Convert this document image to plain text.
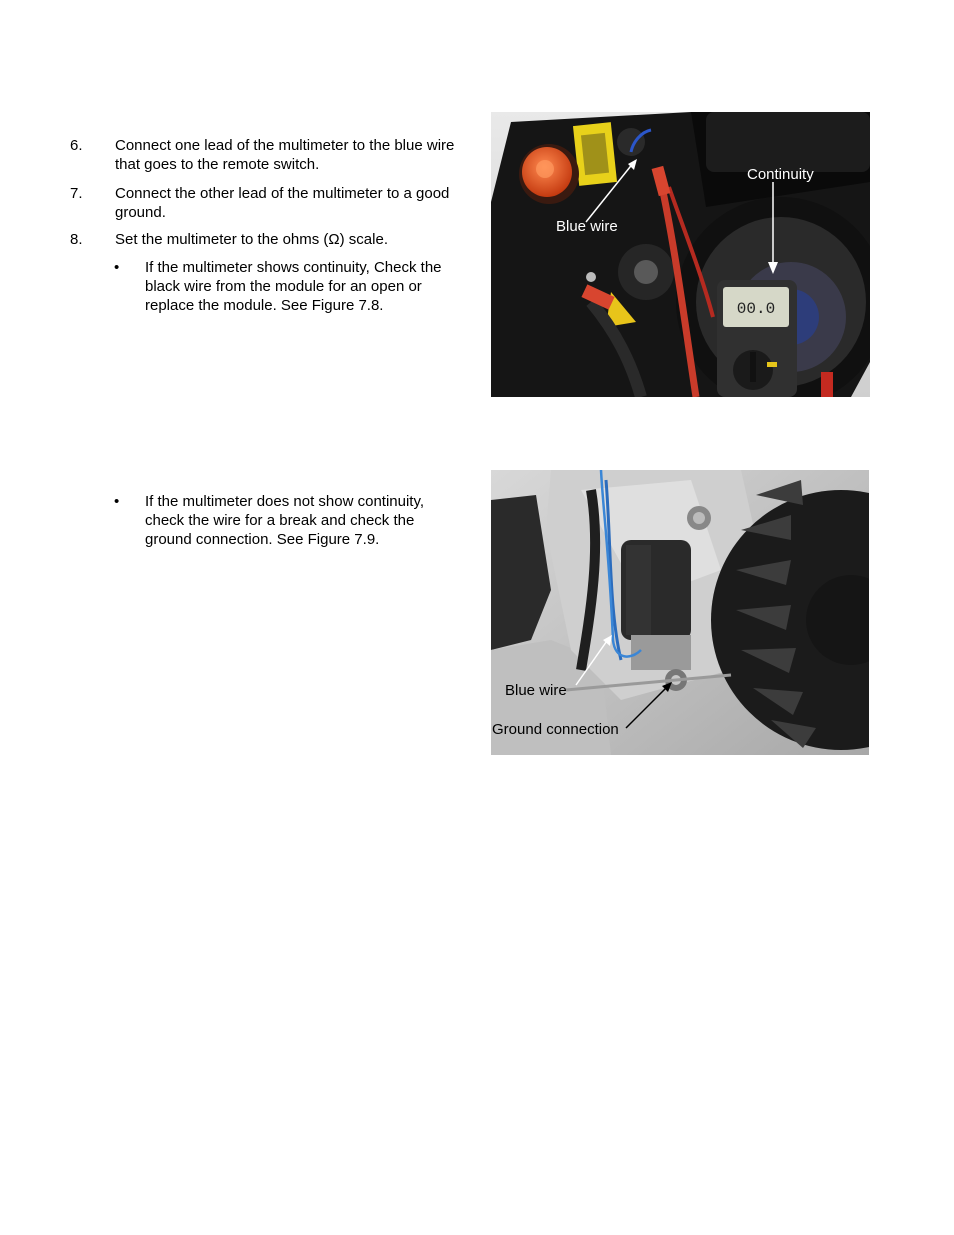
6. Connect one lead of the multimeter to the blue wire that goes to the remote switch.
7. Connect the other lead of the multimeter to a good ground.
8. Set the multimeter to the ohms (Ω) scale.
• If the multimeter shows continuity, Check the black wire from the module for an open or replace the module. See Figure 7.8.
• If the multimeter does not show continuity, check the wire for a break and check the ground connection. See Figure 7.9.
00.0
Continuity
Blue wire
Blue wire
Ground connection
